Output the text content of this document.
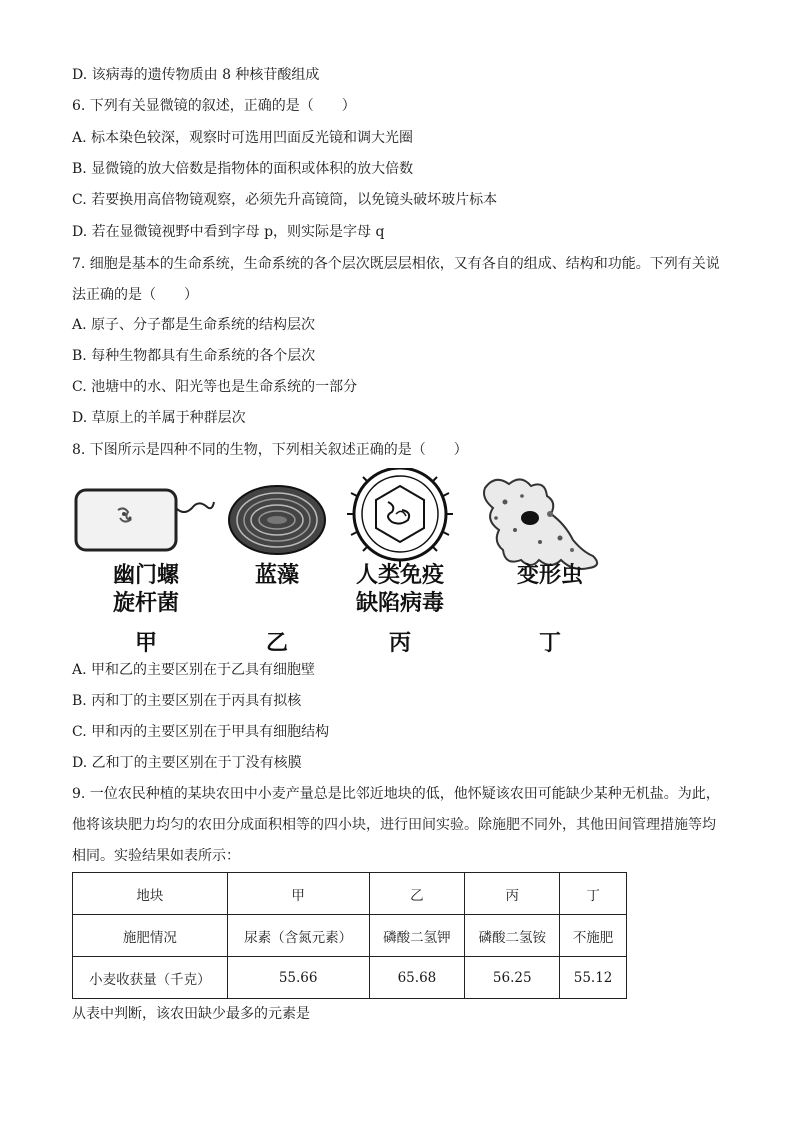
D. 该病毒的遗传物质由 8 种核苷酸组成
6. 下列有关显微镜的叙述，正确的是（　　）
A. 标本染色较深，观察时可选用凹面反光镜和调大光圈
B. 显微镜的放大倍数是指物体的面积或体积的放大倍数
C. 若要换用高倍物镜观察，必须先升高镜筒，以免镜头破坏玻片标本
D. 若在显微镜视野中看到字母 p，则实际是字母 q
7. 细胞是基本的生命系统，生命系统的各个层次既层层相依，又有各自的组成、结构和功能。下列有关说
法正确的是（　　）
A. 原子、分子都是生命系统的结构层次
B. 每种生物都具有生命系统的各个层次
C. 池塘中的水、阳光等也是生命系统的一部分
D. 草原上的羊属于种群层次
8. 下图所示是四种不同的生物，下列相关叙述正确的是（　　）
幽门螺
旋杆菌
甲
蓝藻
乙
人类免疫
缺陷病毒
丙
变形虫
丁
A. 甲和乙的主要区别在于乙具有细胞壁
B. 丙和丁的主要区别在于丙具有拟核
C. 甲和丙的主要区别在于甲具有细胞结构
D. 乙和丁的主要区别在于丁没有核膜
9. 一位农民种植的某块农田中小麦产量总是比邻近地块的低，他怀疑该农田可能缺少某种无机盐。为此，
他将该块肥力均匀的农田分成面积相等的四小块，进行田间实验。除施肥不同外，其他田间管理措施等均
相同。实验结果如表所示：
地块	甲	乙	丙	丁
施肥情况	尿素（含氮元素）	磷酸二氢钾	磷酸二氢铵	不施肥
小麦收获量（千克）	55.66	65.68	56.25	55.12
从表中判断，该农田缺少最多的元素是
